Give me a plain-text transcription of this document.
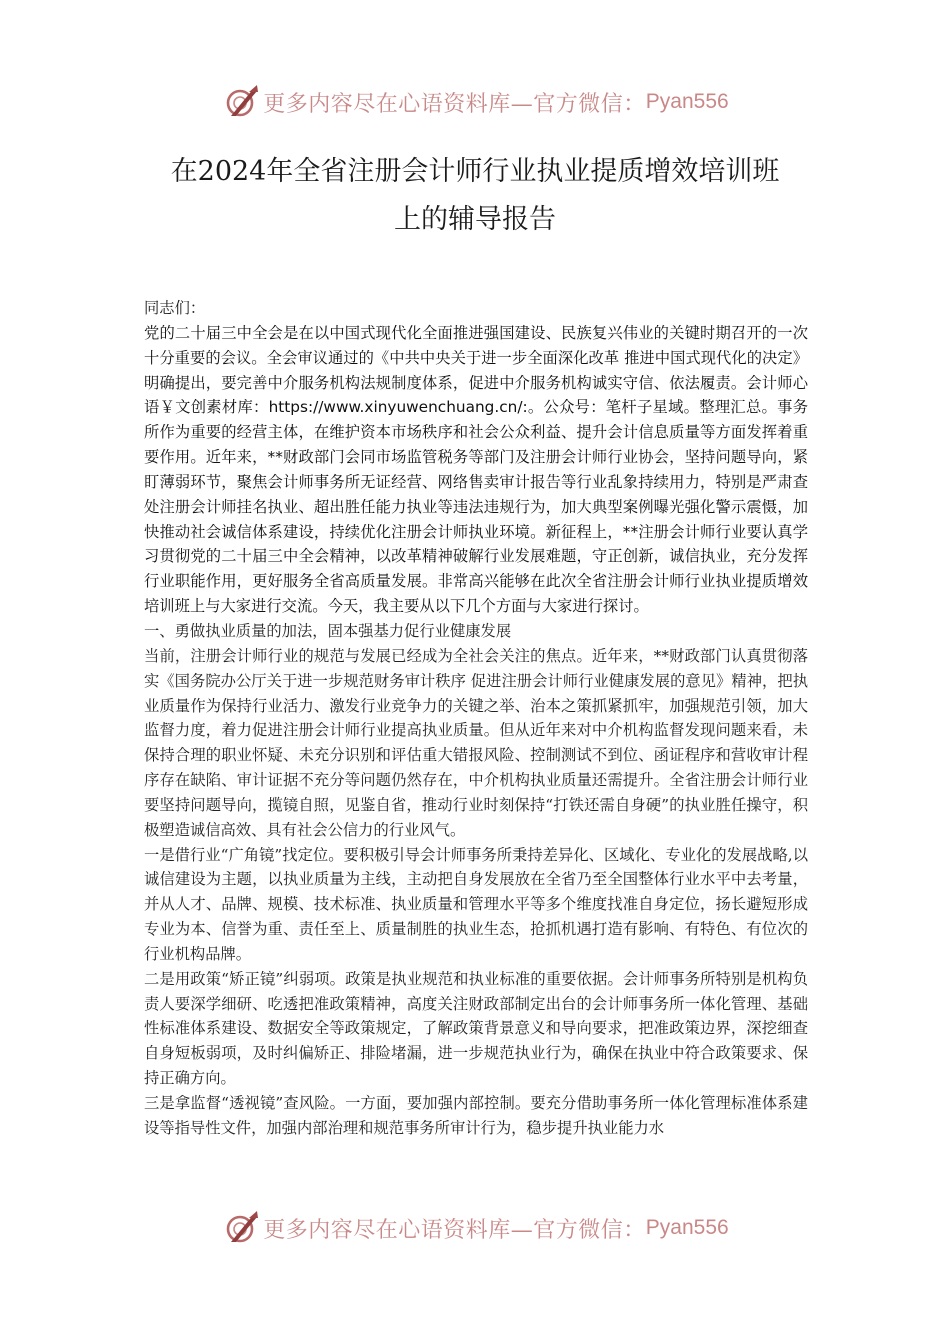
更多内容尽在心语资料库—官方微信： Pyan556
在2024年全省注册会计师行业执业提质增效培训班
上的辅导报告

同志们：

党的二十届三中全会是在以中国式现代化全面推进强国建设、民族复兴伟业的关键时期召开的一次十分重要的会议。全会审议通过的《中共中央关于进一步全面深化改革 推进中国式现代化的决定》明确提出，要完善中介服务机构法规制度体系，促进中介服务机构诚实守信、依法履责。会计师心语￥文创素材库：https://www.xinyuwenchuang.cn/:。公众号：笔杆子星域。整理汇总。事务所作为重要的经营主体，在维护资本市场秩序和社会公众利益、提升会计信息质量等方面发挥着重要作用。近年来，**财政部门会同市场监管税务等部门及注册会计师行业协会，坚持问题导向，紧盯薄弱环节，聚焦会计师事务所无证经营、网络售卖审计报告等行业乱象持续用力，特别是严肃查处注册会计师挂名执业、超出胜任能力执业等违法违规行为，加大典型案例曝光强化警示震慑，加快推动社会诚信体系建设，持续优化注册会计师执业环境。新征程上，**注册会计师行业要认真学习贯彻党的二十届三中全会精神，以改革精神破解行业发展难题，守正创新，诚信执业，充分发挥行业职能作用，更好服务全省高质量发展。非常高兴能够在此次全省注册会计师行业执业提质增效培训班上与大家进行交流。今天，我主要从以下几个方面与大家进行探讨。

一、勇做执业质量的加法，固本强基力促行业健康发展

当前，注册会计师行业的规范与发展已经成为全社会关注的焦点。近年来，**财政部门认真贯彻落实《国务院办公厅关于进一步规范财务审计秩序 促进注册会计师行业健康发展的意见》精神，把执业质量作为保持行业活力、激发行业竞争力的关键之举、治本之策抓紧抓牢，加强规范引领，加大监督力度，着力促进注册会计师行业提高执业质量。但从近年来对中介机构监督发现问题来看，未保持合理的职业怀疑、未充分识别和评估重大错报风险、控制测试不到位、函证程序和营收审计程序存在缺陷、审计证据不充分等问题仍然存在，中介机构执业质量还需提升。全省注册会计师行业要坚持问题导向，揽镜自照，见鉴自省，推动行业时刻保持“打铁还需自身硬”的执业胜任操守，积极塑造诚信高效、具有社会公信力的行业风气。

一是借行业“广角镜”找定位。要积极引导会计师事务所秉持差异化、区域化、专业化的发展战略,以诚信建设为主题，以执业质量为主线，主动把自身发展放在全省乃至全国整体行业水平中去考量，并从人才、品牌、规模、技术标准、执业质量和管理水平等多个维度找准自身定位，扬长避短形成专业为本、信誉为重、责任至上、质量制胜的执业生态，抢抓机遇打造有影响、有特色、有位次的行业机构品牌。

二是用政策“矫正镜”纠弱项。政策是执业规范和执业标准的重要依据。会计师事务所特别是机构负责人要深学细研、吃透把准政策精神，高度关注财政部制定出台的会计师事务所一体化管理、基础性标准体系建设、数据安全等政策规定，了解政策背景意义和导向要求，把准政策边界，深挖细查自身短板弱项，及时纠偏矫正、排险堵漏，进一步规范执业行为，确保在执业中符合政策要求、保持正确方向。

三是拿监督“透视镜”查风险。一方面，要加强内部控制。要充分借助事务所一体化管理标准体系建设等指导性文件，加强内部治理和规范事务所审计行为，稳步提升执业能力水

更多内容尽在心语资料库—官方微信： Pyan556
